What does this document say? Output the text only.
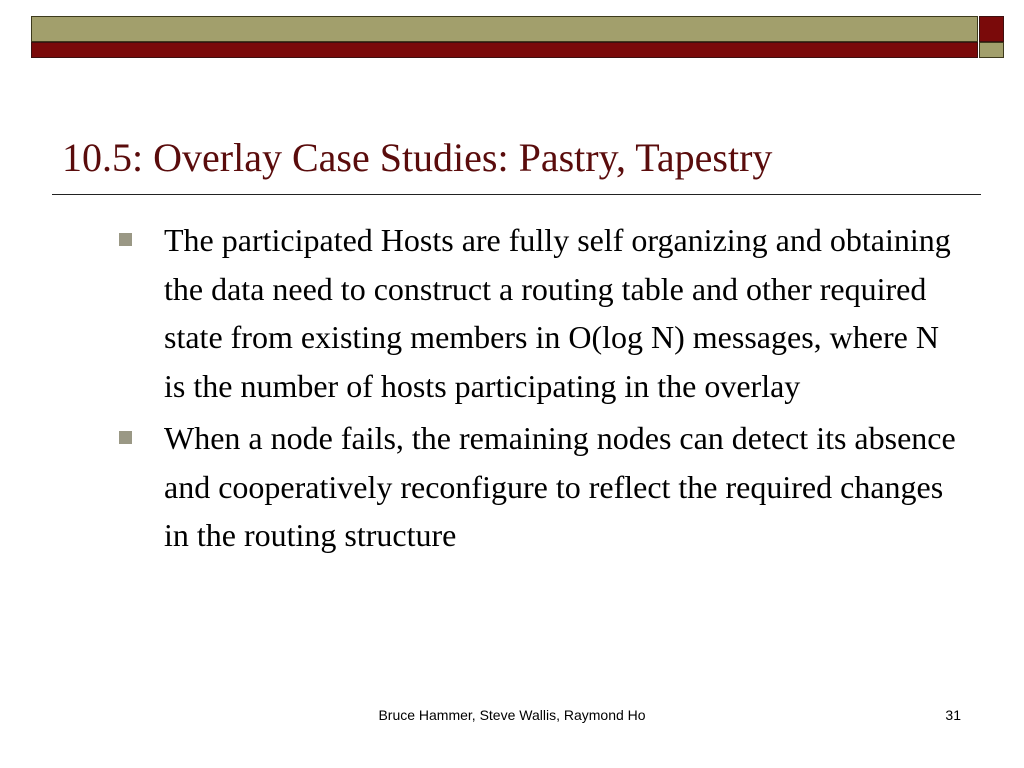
10.5: Overlay Case Studies: Pastry, Tapestry
The participated Hosts are fully self organizing and obtaining the data need to construct a routing table and other required state from existing members in O(log N) messages, where N is the number of hosts participating in the overlay
When a node fails, the remaining nodes can detect its absence and cooperatively reconfigure to reflect the required changes in the routing structure
Bruce Hammer, Steve Wallis, Raymond Ho	31
